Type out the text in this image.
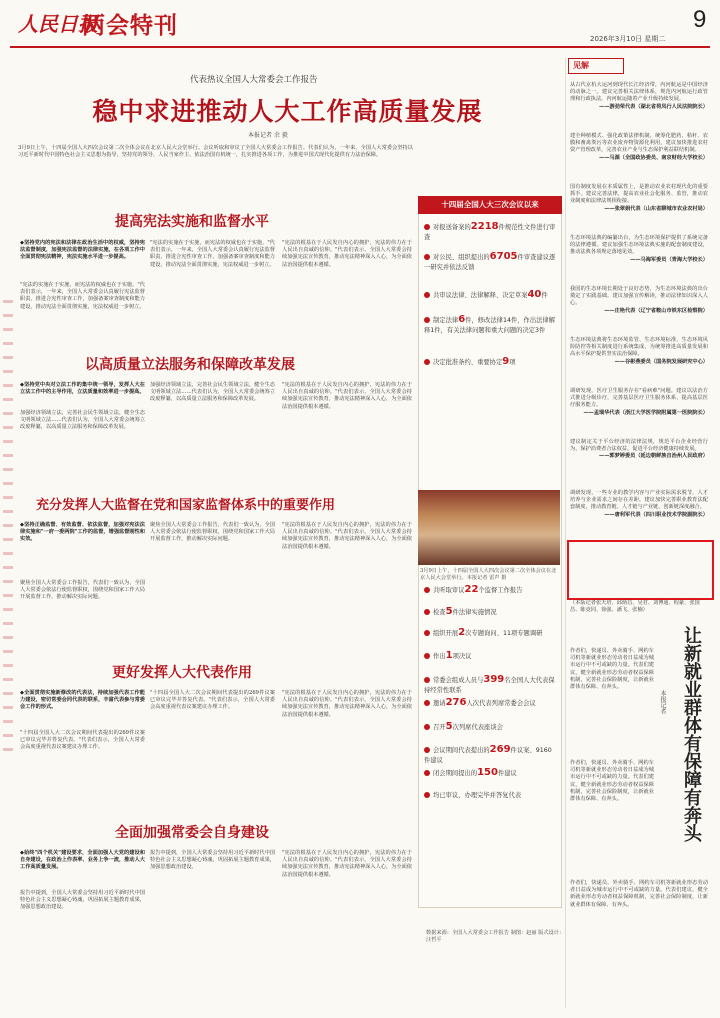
人民日报
两会特刊	9
2026年3月10日 星期二
代表热议全国人大常委会工作报告
稳中求进推动人大工作高质量发展
本报记者 余 毅
3月9日上午，十四届全国人大四次会议第二次全体会议在北京人民大会堂举行。会议听取和审议了全国人大常委会工作报告。代表们认为，一年来，全国人大常委会坚持以习近平新时代中国特色社会主义思想为指导，坚持党的领导、人民当家作主、依法治国有机统一，扎实推进各项工作，为推进中国式现代化提供有力法治保障。
提高宪法实施和监督水平
◆坚持党内的宪法和法律在政治生活中的权威，坚持宪法监督制度，加强宪法监督的法律实施，在各项工作中全面贯彻宪法精神，宪法实施水平进一步提高。
"宪法的实施在于实施，而宪法的权威也在于实施。"代表们表示，一年来，全国人大常委会认真履行宪法监督职责，推进合宪性审查工作，加强备案审查制度和能力建设，推动宪法全面贯彻实施，宪法权威进一步树立。
"宪法的实施在于实施，而宪法的权威也在于实施。"代表们表示，一年来，全国人大常委会认真履行宪法监督职责，推进合宪性审查工作，加强备案审查制度和能力建设，推动宪法全面贯彻实施，宪法权威进一步树立。
"宪法的根基在于人民发自内心的拥护，宪法的伟力在于人民出自真诚的信仰。"代表们表示，全国人大常委会持续加强宪法宣传教育，推动宪法精神深入人心，为全面依法治国提供根本遵循。
以高质量立法服务和保障改革发展
◆坚持党中央对立法工作的集中统一领导，发挥人大在立法工作中的主导作用，立法质量和效率进一步提高。
加强经济领域立法，完善社会民生领域立法，健全生态文明领域立法……代表们认为，全国人大常委会统筹立改废释纂，以高质量立法服务和保障改革发展。
加强经济领域立法，完善社会民生领域立法，健全生态文明领域立法……代表们认为，全国人大常委会统筹立改废释纂，以高质量立法服务和保障改革发展。
"宪法的根基在于人民发自内心的拥护，宪法的伟力在于人民出自真诚的信仰。"代表们表示，全国人大常委会持续加强宪法宣传教育，推动宪法精神深入人心，为全面依法治国提供根本遵循。
充分发挥人大监督在党和国家监督体系中的重要作用
◆坚持正确监督、有效监督、依法监督，加强对宪法法律实施和"一府一委两院"工作的监督，增强监督刚性和实效。
聚焦全国人大常委会工作报告，代表们一致认为，全国人大常委会依法行使监督职权，围绕党和国家工作大局开展监督工作，推动解决实际问题。
聚焦全国人大常委会工作报告，代表们一致认为，全国人大常委会依法行使监督职权，围绕党和国家工作大局开展监督工作，推动解决实际问题。
"宪法的根基在于人民发自内心的拥护，宪法的伟力在于人民出自真诚的信仰。"代表们表示，全国人大常委会持续加强宪法宣传教育，推动宪法精神深入人心，为全面依法治国提供根本遵循。
更好发挥人大代表作用
◆全面贯彻实施新修改的代表法，持续加强代表工作能力建设，密切常委会同代表的联系，丰富代表参与常委会工作的形式。
"十四届全国人大二次会议期间代表提出的269件议案已审议完毕并答复代表。"代表们表示，全国人大常委会高度重视代表议案建议办理工作。
"十四届全国人大二次会议期间代表提出的269件议案已审议完毕并答复代表。"代表们表示，全国人大常委会高度重视代表议案建议办理工作。
"宪法的根基在于人民发自内心的拥护，宪法的伟力在于人民出自真诚的信仰。"代表们表示，全国人大常委会持续加强宪法宣传教育，推动宪法精神深入人心，为全面依法治国提供根本遵循。
全面加强常委会自身建设
◆始终"四个机关"建设要求，全面加强人大党的建设和自身建设，在政治上作表率、业务上争一流，推动人大工作高质量发展。
报告中提到，全国人大常委会坚持用习近平新时代中国特色社会主义思想凝心铸魂，巩固拓展主题教育成果，加强思想政治建设。
报告中提到，全国人大常委会坚持用习近平新时代中国特色社会主义思想凝心铸魂，巩固拓展主题教育成果，加强思想政治建设。
"宪法的根基在于人民发自内心的拥护，宪法的伟力在于人民出自真诚的信仰。"代表们表示，全国人大常委会持续加强宪法宣传教育，推动宪法精神深入人心，为全面依法治国提供根本遵循。
十四届全国人大三次会议以来
对报送备案的2218件规范性文件进行审查
对公民、组织提出的6705件审查建议逐一研究并依法反馈
共审议法律、法律解释、决定草案40件
制定法律6件，修改法律14件，作出法律解释1件，有关法律问题和重大问题的决定3件
决定批准条约、重要协定9项
共听取审议22个监督工作报告
检查5件法律实施情况
组织开展2次专题询问、11项专题调研
作出1项决议
常委会组成人员与399名全国人大代表保持经常性联系
邀请276人次代表列席常委会会议
召开5次列席代表座谈会
会议期间代表提出的269件议案、9160件建议
闭会期间提出的150件建议
均已审议、办理完毕并答复代表
3月9日上午，十四届全国人大四次会议第二次全体会议在北京人民大会堂举行。本报记者 雷声 摄
见解
从古代京杭大运河到现代长江经济带，内河航运是中国经济的动脉之一。建议完善相关法律体系，规范内河航运行政管理和行政执法，内河航运随着产业升级持续发展。
——游劲荣代表（湖北省荷凤行人民法院院长）
建全种植模式、强化政策法律机制，统筹化肥药、秸秆、农膜和畜禽粪污等农业废弃物资源化利用，建议加快推进农村资产管理改革，完善农业产业与生态保护利益联结机制。
——马源（全国政协委员、南京财经大学校长）
国有制度发展在本质属性上，是推动农业农村现代化的重要抓手。建议完善法律，提高农业社会化服务、监管，推动农业制度和法律法规相衔接。
——张翠娟代表（山东省聊城市农业农村局）
生态环境法典的编纂出台，为生态环境保护提供了系统完备的法律遵循。建议加强生态环境法典实施的配套制度建设，推动法典各项规定落地见效。
——马海军委员（青海大学校长）
我国的生态环境长期处于良好态势，为生态环境法典的出台奠定了实践基础。建议加强宣传解读，推动法律知识深入人心。
——庄艳代表（辽宁省鞍山市铁东区检察院）
生态环境法典将生态环境监管、生态环境标准、生态环境风险防控等相关制度进行系统集成，为统筹推进高质量发展和高水平保护提供坚实法治保障。
——谷彬燕委员（国务院发展研究中心）
调研发现，医疗卫生服务存在"看病难"问题。建议以法治方式推进分级诊疗，完善基层医疗卫生服务体系，提高基层医疗服务能力。
——孟瑞华代表（浙江大学医学院附属第一医院院长）
建议制定关于平台经济的法律法规，规范平台企业经营行为，保护消费者合法权益，促进平台经济健康持续发展。
——郭梦婷委员（延边朝鲜族自治州人民政府）
调研发现，一些专业的教学内容与产业实际需求脱节，人才培养与企业需求之间存在差距。建议加快完善职业教育法配套制度，推动教育链、人才链与产业链、创新链深度融合。
——唐利军代表（四川职业技术学院副院长）
（本版记者张天培、邱炳昌、吴君、刘博通、程豪、张国昌、陈竟同、徐强、潘飞、张楠）
让新就业群体有保障有奔头
本报记者
作者们，快递员、外卖骑手、网约车司机等新就业形态劳动者日益成为城市运行中不可或缺的力量。代表们建议，健全新就业形态劳动者权益保障机制，完善社会保险制度，让新就业群体有保障、有奔头。
作者们，快递员、外卖骑手、网约车司机等新就业形态劳动者日益成为城市运行中不可或缺的力量。代表们建议，健全新就业形态劳动者权益保障机制，完善社会保险制度，让新就业群体有保障、有奔头。
作者们，快递员、外卖骑手、网约车司机等新就业形态劳动者日益成为城市运行中不可或缺的力量。代表们建议，健全新就业形态劳动者权益保障机制，完善社会保险制度，让新就业群体有保障、有奔头。
数据来源：全国人大常委会工作报告 制图：赵丽 版式设计：汪哲平
